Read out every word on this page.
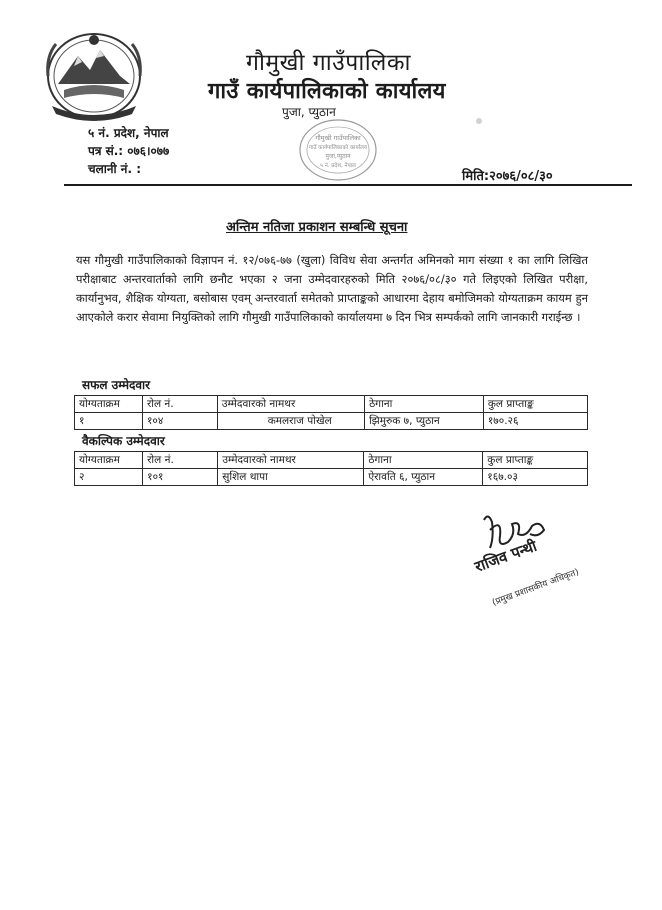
गौमुखी गाउँपालिका
गाउँ कार्यपालिकाको कार्यालय
पुजा, प्युठान
गौमुखी गाउँपालिका
गाउँ कार्यपालिकाको कार्यालय
पुजा,प्युठान
५ नं. प्रदेश, नेपाल
५ नं. प्रदेश, नेपाल
पत्र सं.: ०७६।०७७
चलानी नं. :	मिति:२०७६/०८/३०
अन्तिम नतिजा प्रकाशन सम्बन्धि सूचना
यस गौमुखी गाउँपालिकाको विज्ञापन नं. १२/०७६-७७ (खुला) विविध सेवा अन्तर्गत अमिनको माग संख्या १ का लागि लिखित परीक्षाबाट अन्तरवार्ताको लागि छनौट भएका २ जना उम्मेदवारहरुको मिति २०७६/०८/३० गते लिइएको लिखित परीक्षा, कार्यानुभव, शैक्षिक योग्यता, बसोबास एवम् अन्तरवार्ता समेतको प्राप्ताङ्कको आधारमा देहाय बमोजिमको योग्यताक्रम कायम हुन आएकोले करार सेवामा नियुक्तिको लागि गौमुखी गाउँपालिकाको कार्यालयमा ७ दिन भित्र सम्पर्कको लागि जानकारी गराईन्छ ।
सफल उम्मेदवार
योग्यताक्रम	रोल नं.	उम्मेदवारको नामथर	ठेगाना	कुल प्राप्ताङ्क
१	१०४	कमलराज पोखेल	झिमुरुक ७, प्युठान	१७०.२६
वैकल्पिक उम्मेदवार
योग्यताक्रम	रोल नं.	उम्मेदवारको नामथर	ठेगाना	कुल प्राप्ताङ्क
२	१०१	सुशिल थापा	ऐरावति ६, प्युठान	१६७.०३
राजिव पन्थी
(प्रमुख प्रशासकीय अधिकृत)
